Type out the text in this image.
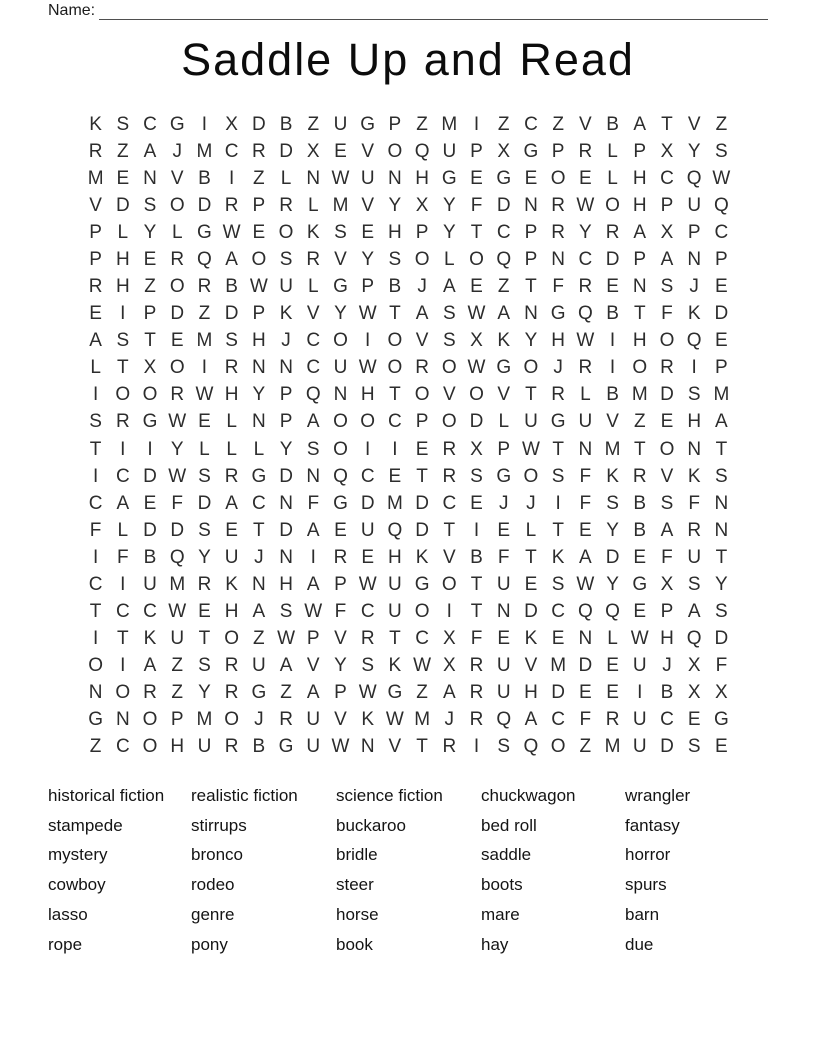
Name:
Saddle Up and Read
K S C G I X D B Z U G P Z M I Z C Z V B A T V Z
R Z A J M C R D X E V O Q U P X G P R L P X Y S
M E N V B I Z L N W U N H G E G E O E L H C Q W
V D S O D R P R L M V Y X Y F D N R W O H P U Q
P L Y L G W E O K S E H P Y T C P R Y R A X P C
P H E R Q A O S R V Y S O L O Q P N C D P A N P
R H Z O R B W U L G P B J A E Z T F R E N S J E
E I P D Z D P K V Y W T A S W A N G Q B T F K D
A S T E M S H J C O I O V S X K Y H W I H O Q E
L T X O I R N N C U W O R O W G O J R I O R I P
I O O R W H Y P Q N H T O V O V T R L B M D S M
S R G W E L N P A O O C P O D L U G U V Z E H A
T I	I Y L L L Y S O I	I E R X P W T N M T O N T
I C D W S R G D N Q C E T R S G O S F K R V K S
C A E F D A C N F G D M D C E J J	I F S B S F N
F L D D S E T D A E U Q D T I E L T E Y B A R N
I F B Q Y U J N I R E H K V B F T K A D E F U T
C I U M R K N H A P W U G O T U E S W Y G X S Y
T C C W E H A S W F C U O I T N D C Q Q E P A S
I T K U T O Z W P V R T C X F E K E N L W H Q D
O I A Z S R U A V Y S K W X R U V M D E U J X F
N O R Z Y R G Z A P W G Z A R U H D E E I B X X
G N O P M O J R U V K W M J R Q A C F R U C E G
Z C O H U R B G U W N V T R I S Q O Z M U D S E
historical fiction
stampede
mystery
cowboy
lasso
rope
realistic fiction
stirrups
bronco
rodeo
genre
pony
science fiction
buckaroo
bridle
steer
horse
book
chuckwagon
bed roll
saddle
boots
mare
hay
wrangler
fantasy
horror
spurs
barn
due
